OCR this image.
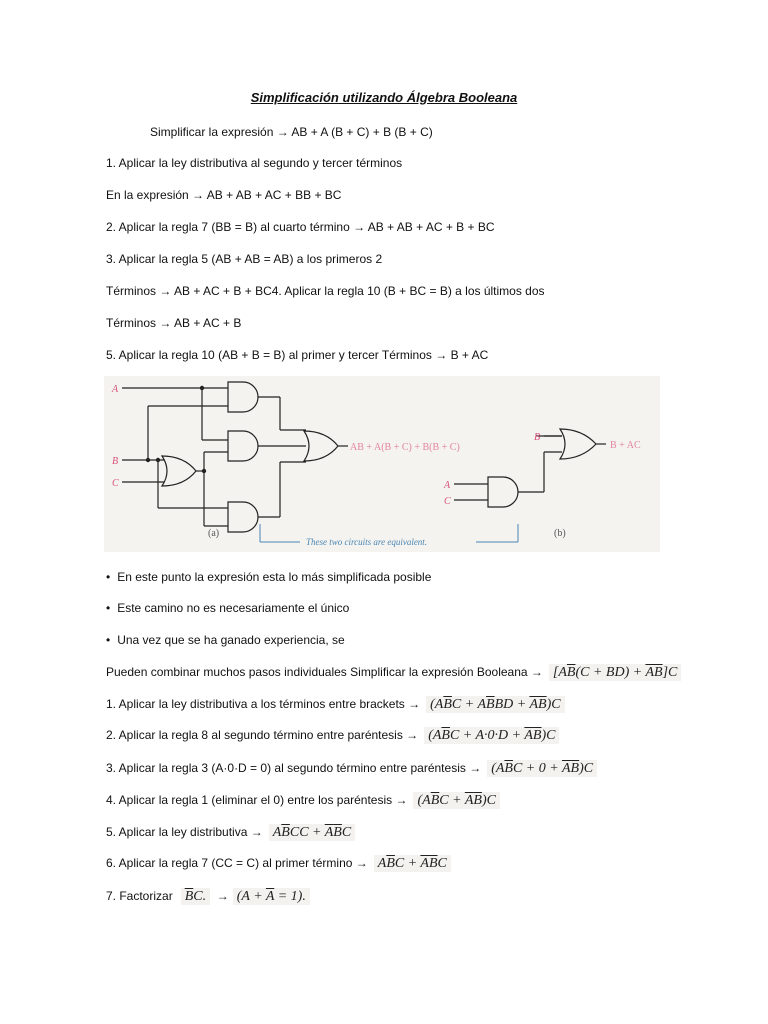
Simplificación utilizando Álgebra Booleana
Simplificar la expresión → AB + A (B + C) + B (B + C)
1. Aplicar la ley distributiva al segundo y tercer términos
En la expresión → AB + AB + AC + BB + BC
2. Aplicar la regla 7 (BB = B) al cuarto término → AB + AB + AC + B + BC
3. Aplicar la regla 5 (AB + AB = AB) a los primeros 2
Términos → AB + AC + B + BC4. Aplicar la regla 10 (B + BC = B) a los últimos dos
Términos → AB + AC + B
5. Aplicar la regla 10 (AB + B = B) al primer y tercer Términos → B + AC
A
B
C
AB + A(B + C) + B(B + C)
B
A
C
B + AC
(a)	(b)
These two circuits are equivalent.
• En este punto la expresión esta lo más simplificada posible
• Este camino no es necesariamente el único
• Una vez que se ha ganado experiencia, se
Pueden combinar muchos pasos individuales Simplificar la expresión Booleana → $[A\overline{B}(C + BD) + \overline{A}\overline{B}]C$
1. Aplicar la ley distributiva a los términos entre brackets → $(A\overline{B}C + A\overline{B}BD + \overline{A}\overline{B})C$
2. Aplicar la regla 8 al segundo término entre paréntesis → $(A\overline{B}C + A\cdot 0\cdot D + \overline{A}\overline{B})C$
3. Aplicar la regla 3 (A·0·D = 0) al segundo término entre paréntesis → $(A\overline{B}C + 0 + \overline{A}\overline{B})C$
4. Aplicar la regla 1 (eliminar el 0) entre los paréntesis → $(A\overline{B}C + \overline{A}\overline{B})C$
5. Aplicar la ley distributiva → $A\overline{B}CC + \overline{A}\overline{B}C$
6. Aplicar la regla 7 (CC = C) al primer término → $A\overline{B}C + \overline{A}\overline{B}C$
7. Factorizar $\overline{B}C$. → $(A + \overline{A} = 1)$.
